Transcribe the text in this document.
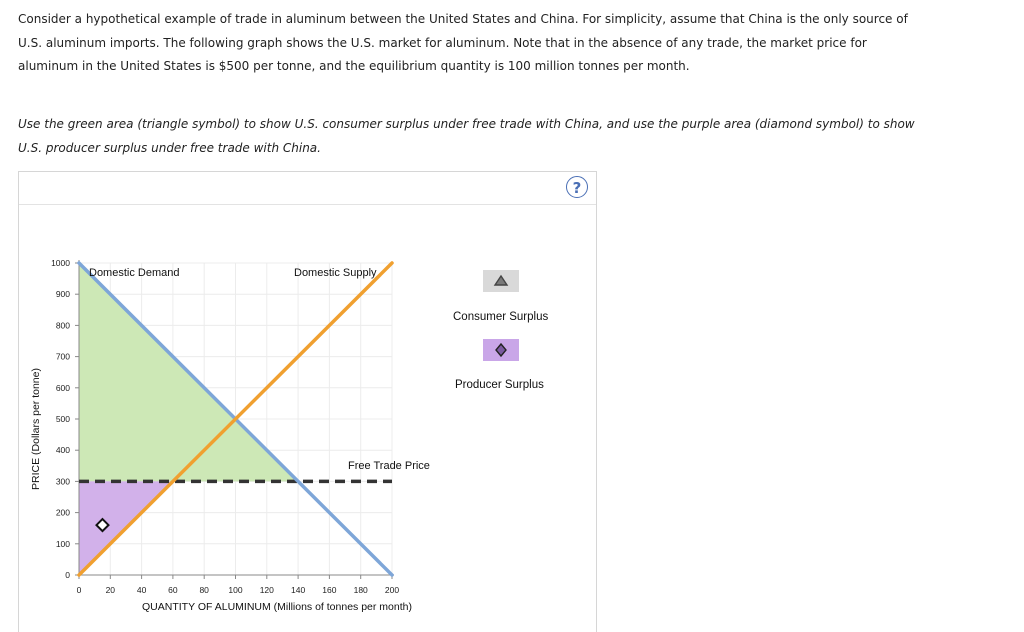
Consider a hypothetical example of trade in aluminum between the United States and China. For simplicity, assume that China is the only source of

U.S. aluminum imports. The following graph shows the U.S. market for aluminum. Note that in the absence of any trade, the market price for

aluminum in the United States is $500 per tonne, and the equilibrium quantity is 100 million tonnes per month.

Use the green area (triangle symbol) to show U.S. consumer surplus under free trade with China, and use the purple area (diamond symbol) to show

U.S. producer surplus under free trade with China.

?
0
100
200
300
400
500
600
700
800
900
1000
0	20	40	60	80 100 120 140 160 180 200
Domestic Demand	Domestic Supply
Free Trade Price
QUANTITY OF ALUMINUM (Millions of tonnes per month)
PRICE (Dollars per tonne)
Consumer Surplus
Producer Surplus
